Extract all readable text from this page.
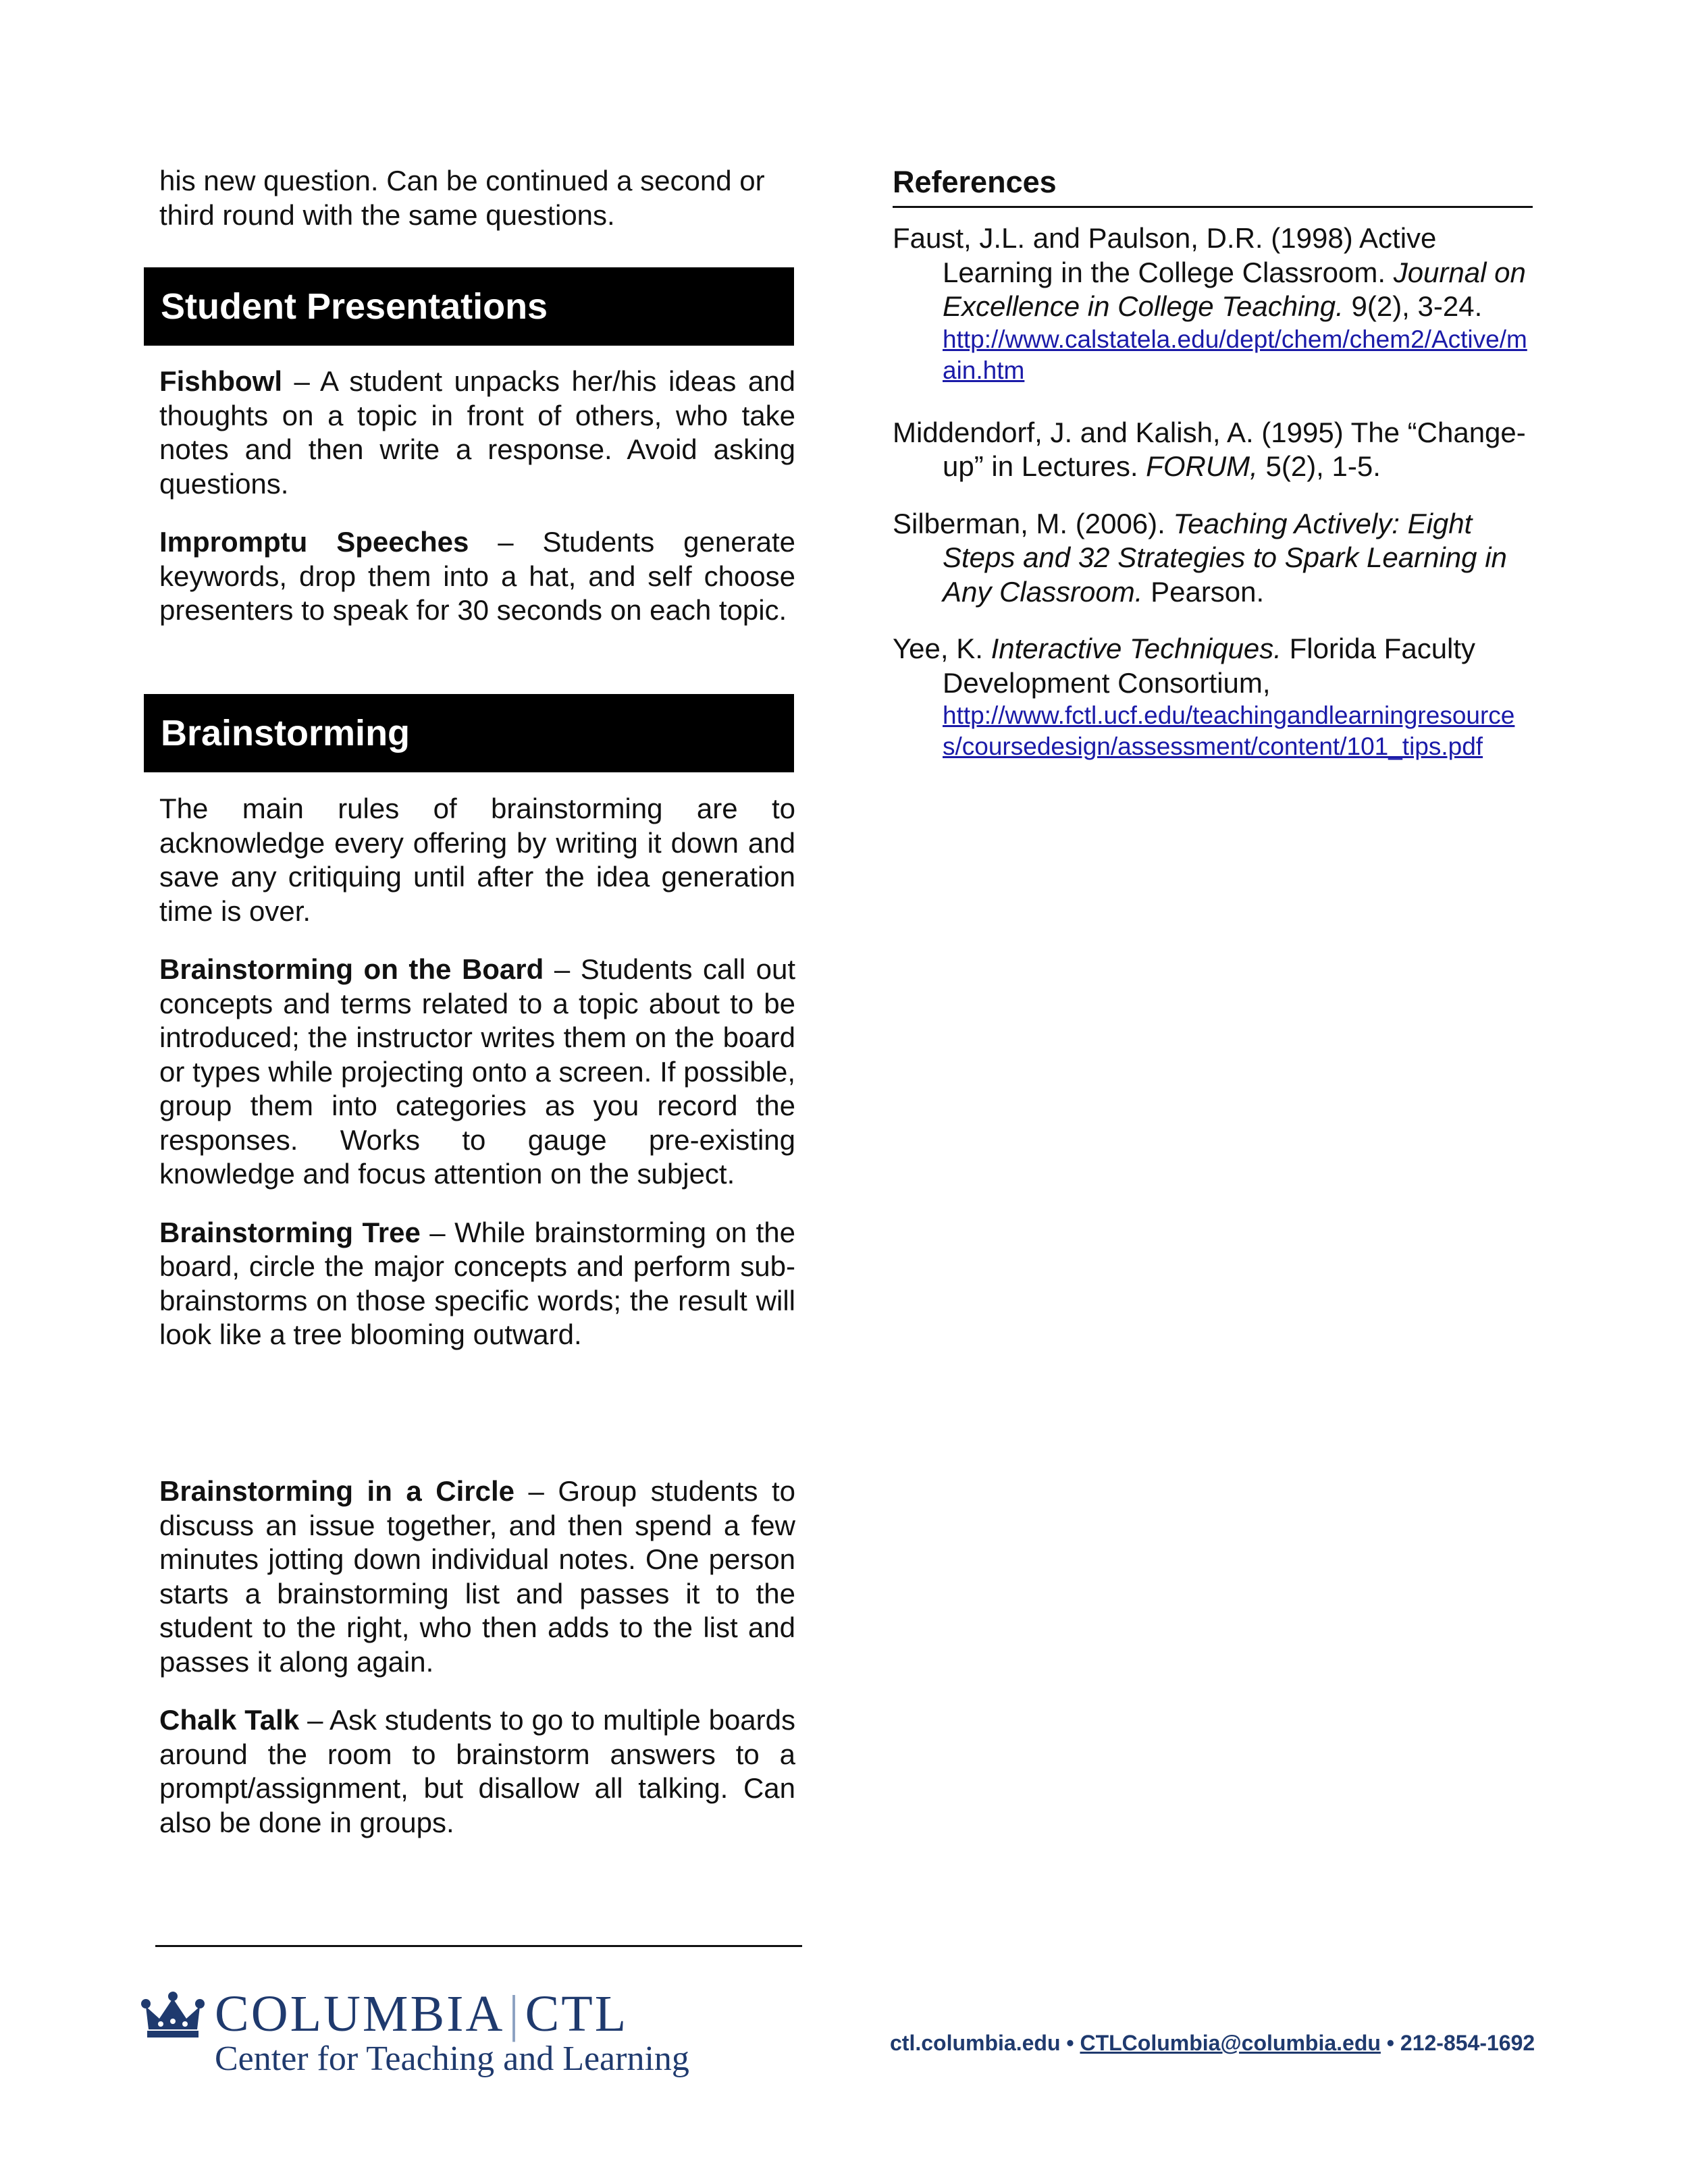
his new question. Can be continued a second or third round with the same questions.

Student Presentations

Fishbowl – A student unpacks her/his ideas and thoughts on a topic in front of others, who take notes and then write a response. Avoid asking questions.

Impromptu Speeches – Students generate keywords, drop them into a hat, and self choose presenters to speak for 30 seconds on each topic.

Brainstorming

The main rules of brainstorming are to acknowledge every offering by writing it down and save any critiquing until after the idea generation time is over.

Brainstorming on the Board – Students call out concepts and terms related to a topic about to be introduced; the instructor writes them on the board or types while projecting onto a screen. If possible, group them into categories as you record the responses. Works to gauge pre-existing knowledge and focus attention on the subject.

Brainstorming Tree – While brainstorming on the board, circle the major concepts and perform sub-brainstorms on those specific words; the result will look like a tree blooming outward.

Brainstorming in a Circle – Group students to discuss an issue together, and then spend a few minutes jotting down individual notes. One person starts a brainstorming list and passes it to the student to the right, who then adds to the list and passes it along again.

Chalk Talk – Ask students to go to multiple boards around the room to brainstorm answers to a prompt/assignment, but disallow all talking. Can also be done in groups.

References

Faust, J.L. and Paulson, D.R. (1998) Active Learning in the College Classroom. Journal on Excellence in College Teaching. 9(2), 3-24.
http://www.calstatela.edu/dept/chem/chem2/Active/main.htm

Middendorf, J. and Kalish, A. (1995) The “Change-up” in Lectures. FORUM, 5(2), 1-5.

Silberman, M. (2006). Teaching Actively: Eight Steps and 32 Strategies to Spark Learning in Any Classroom. Pearson.

Yee, K. Interactive Techniques. Florida Faculty Development Consortium,
http://www.fctl.ucf.edu/teachingandlearningresources/coursedesign/assessment/content/101_tips.pdf

COLUMBIA|CTL
Center for Teaching and Learning	ctl.columbia.edu • CTLColumbia@columbia.edu • 212-854-1692
